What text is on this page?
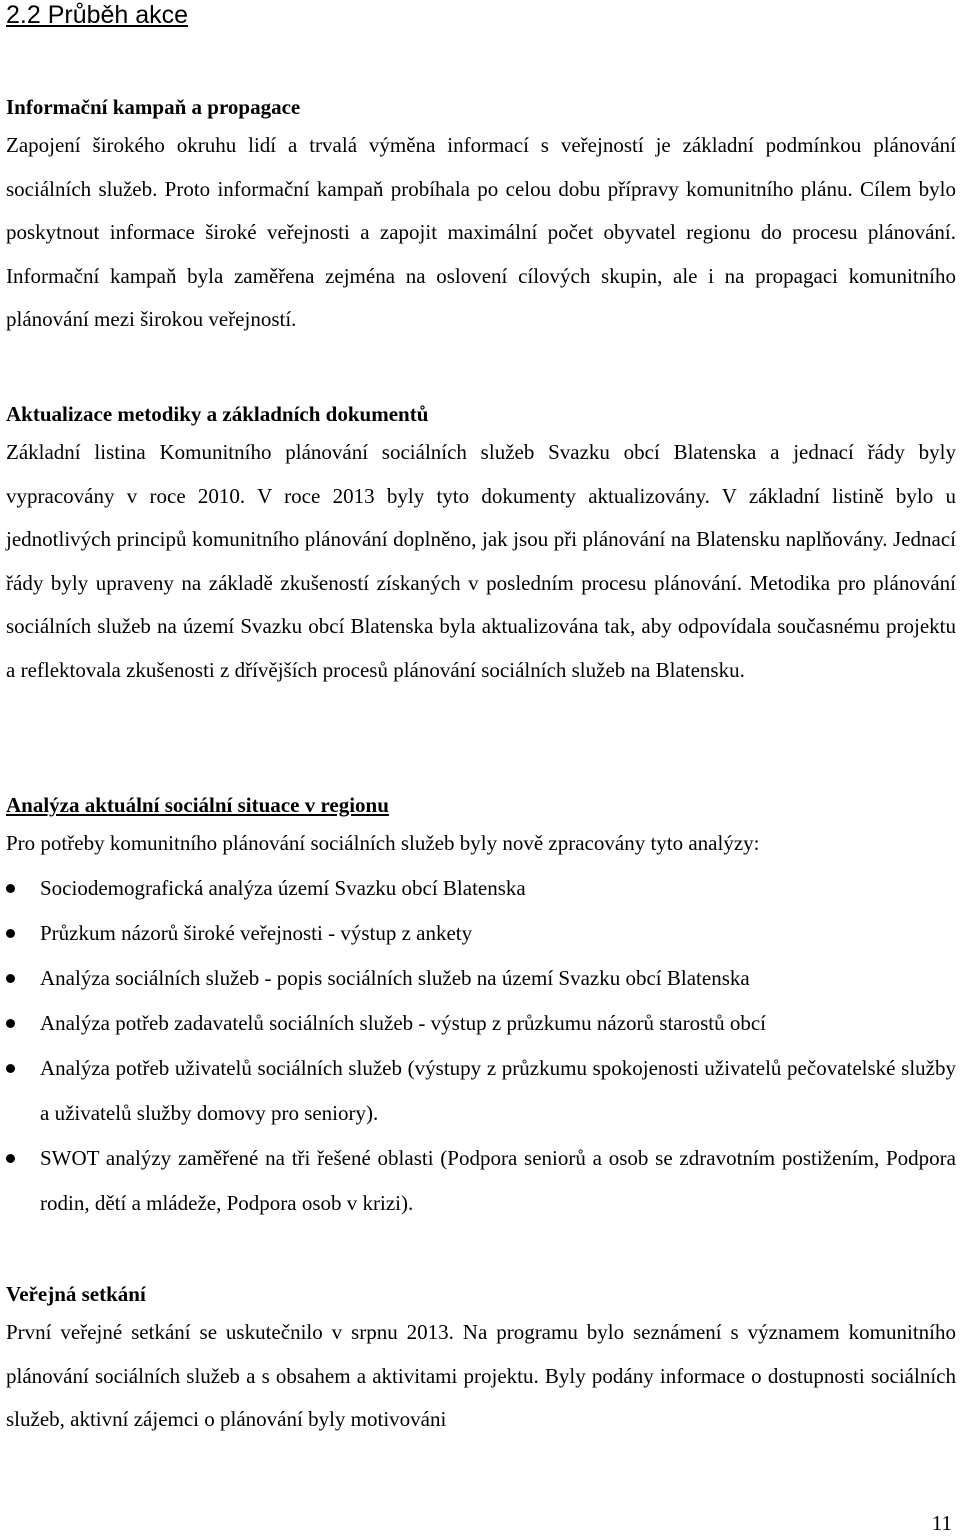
2.2 Průběh akce
Informační kampaň a propagace

Zapojení širokého okruhu lidí a trvalá výměna informací s veřejností je základní podmínkou plánování sociálních služeb. Proto informační kampaň probíhala po celou dobu přípravy komunitního plánu. Cílem bylo poskytnout informace široké veřejnosti a zapojit maximální počet obyvatel regionu do procesu plánování. Informační kampaň byla zaměřena zejména na oslovení cílových skupin, ale i na propagaci komunitního plánování mezi širokou veřejností.

Aktualizace metodiky a základních dokumentů

Základní listina Komunitního plánování sociálních služeb Svazku obcí Blatenska a jednací řády byly vypracovány v roce 2010. V roce 2013 byly tyto dokumenty aktualizovány. V základní listině bylo u jednotlivých principů komunitního plánování doplněno, jak jsou při plánování na Blatensku naplňovány. Jednací řády byly upraveny na základě zkušeností získaných v posledním procesu plánování. Metodika pro plánování sociálních služeb na území Svazku obcí Blatenska byla aktualizována tak, aby odpovídala současnému projektu a reflektovala zkušenosti z dřívějších procesů plánování sociálních služeb na Blatensku.

Analýza aktuální sociální situace v regionu

Pro potřeby komunitního plánování sociálních služeb byly nově zpracovány tyto analýzy:

Sociodemografická analýza území Svazku obcí Blatenska
Průzkum názorů široké veřejnosti - výstup z ankety
Analýza sociálních služeb - popis sociálních služeb na území Svazku obcí Blatenska
Analýza potřeb zadavatelů sociálních služeb - výstup z průzkumu názorů starostů obcí
Analýza potřeb uživatelů sociálních služeb (výstupy z průzkumu spokojenosti uživatelů pečovatelské služby a uživatelů služby domovy pro seniory).
SWOT analýzy zaměřené na tři řešené oblasti (Podpora seniorů a osob se zdravotním postižením, Podpora rodin, dětí a mládeže, Podpora osob v krizi).
Veřejná setkání

První veřejné setkání se uskutečnilo v srpnu 2013. Na programu bylo seznámení s významem komunitního plánování sociálních služeb a s obsahem a aktivitami projektu. Byly podány informace o dostupnosti sociálních služeb, aktivní zájemci o plánování byly motivováni

11
